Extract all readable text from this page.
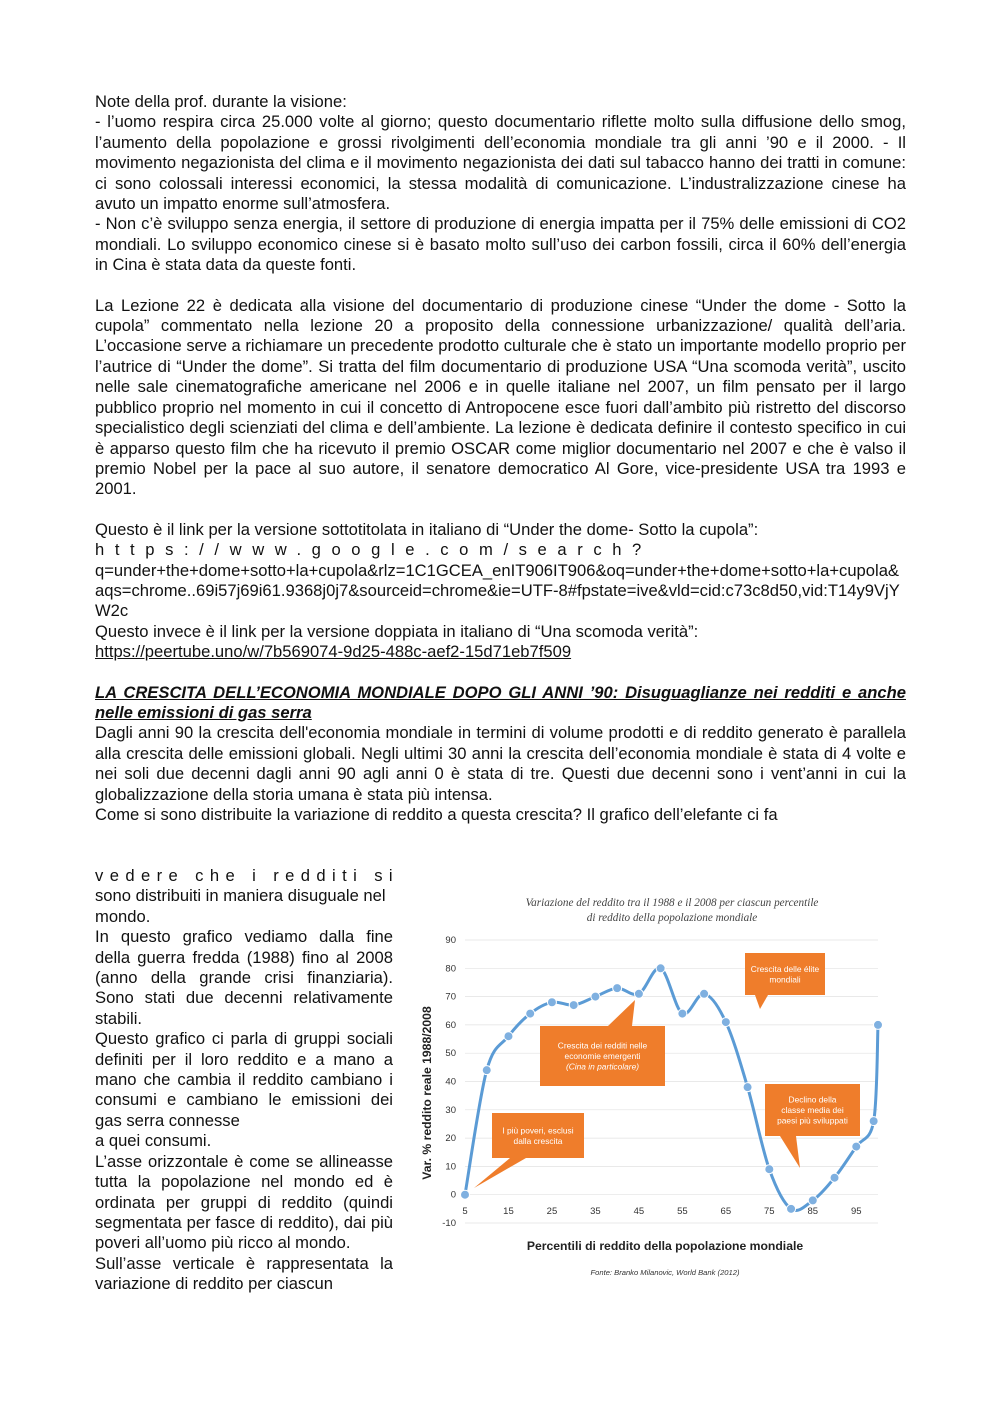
Note della prof. durante la visione:

- l’uomo respira circa 25.000 volte al giorno; questo documentario riflette molto sulla diffusione dello smog, l’aumento della popolazione e grossi rivolgimenti dell’economia mondiale tra gli anni ’90 e il 2000. - Il movimento negazionista del clima e il movimento negazionista dei dati sul tabacco hanno dei tratti in comune: ci sono colossali interessi economici, la stessa modalità di comunicazione. L’industralizzazione cinese ha avuto un impatto enorme sull’atmosfera.

- Non c’è sviluppo senza energia, il settore di produzione di energia impatta per il 75% delle emissioni di CO2 mondiali. Lo sviluppo economico cinese si è basato molto sull’uso dei carbon fossili, circa il 60% dell’energia in Cina è stata data da queste fonti.

La Lezione 22 è dedicata alla visione del documentario di produzione cinese “Under the dome - Sotto la cupola” commentato nella lezione 20 a proposito della connessione urbanizzazione/ qualità dell’aria. L’occasione serve a richiamare un precedente prodotto culturale che è stato un importante modello proprio per l’autrice di “Under the dome”. Si tratta del film documentario di produzione USA “Una scomoda verità”, uscito nelle sale cinematografiche americane nel 2006 e in quelle italiane nel 2007, un film pensato per il largo pubblico proprio nel momento in cui il concetto di Antropocene esce fuori dall’ambito più ristretto del discorso specialistico degli scienziati del clima e dell’ambiente. La lezione è dedicata definire il contesto specifico in cui è apparso questo film che ha ricevuto il premio OSCAR come miglior documentario nel 2007 e che è valso il premio Nobel per la pace al suo autore, il senatore democratico Al Gore, vice-presidente USA tra 1993 e 2001.

Questo è il link per la versione sottotitolata in italiano di “Under the dome- Sotto la cupola”:

https://www.google.com/search?

q=under+the+dome+sotto+la+cupola&rlz=1C1GCEA_enIT906IT906&oq=under+the+dome+sotto+la+cupola&aqs=chrome..69i57j69i61.9368j0j7&sourceid=chrome&ie=UTF-8#fpstate=ive&vld=cid:c73c8d50,vid:T14y9VjYW2c

Questo invece è il link per la versione doppiata in italiano di “Una scomoda verità”:

https://peertube.uno/w/7b569074-9d25-488c-aef2-15d71eb7f509

LA CRESCITA DELL’ECONOMIA MONDIALE DOPO GLI ANNI ’90: Disuguaglianze nei redditi e anche nelle emissioni di gas serra

Dagli anni 90 la crescita dell'economia mondiale in termini di volume prodotti e di reddito generato è parallela alla crescita delle emissioni globali. Negli ultimi 30 anni la crescita dell’economia mondiale è stata di 4 volte e nei soli due decenni dagli anni 90 agli anni 0 è stata di tre. Questi due decenni sono i vent’anni in cui la globalizzazione della storia umana è stata più intensa.

Come si sono distribuite la variazione di reddito a questa crescita? Il grafico dell’elefante ci fa

vedere che i redditi si

sono distribuiti in maniera disuguale nel mondo.

In questo grafico vediamo dalla fine della guerra fredda (1988) fino al 2008 (anno della grande crisi finanziaria). Sono stati due decenni relativamente stabili.

Questo grafico ci parla di gruppi sociali definiti per il loro reddito e a mano a mano che cambia il reddito cambiano i consumi e cambiano le emissioni dei gas serra connesse

a quei consumi.

L’asse orizzontale è come se allineasse tutta la popolazione nel mondo ed è ordinata per gruppi di reddito (quindi segmentata per fasce di reddito), dai più poveri all’uomo più ricco al mondo.

Sull’asse verticale è rappresentata la variazione di reddito per ciascun

Variazione del reddito tra il 1988 e il 2008 per ciascun percentile
di reddito della popolazione mondiale
90
80
70
60
50
40
30
20
10
0
-10
5	15	25	35	45	55	65	75	85	95
Var. % reddito reale 1988/2008
Crescita delle élite
mondiali
Crescita dei redditi nelle
economie emergenti
(Cina in particolare)
Declino della
classe media dei
paesi più sviluppati
I più poveri, esclusi
dalla crescita
Percentili di reddito della popolazione mondiale
Fonte: Branko Milanovic, World Bank (2012)
